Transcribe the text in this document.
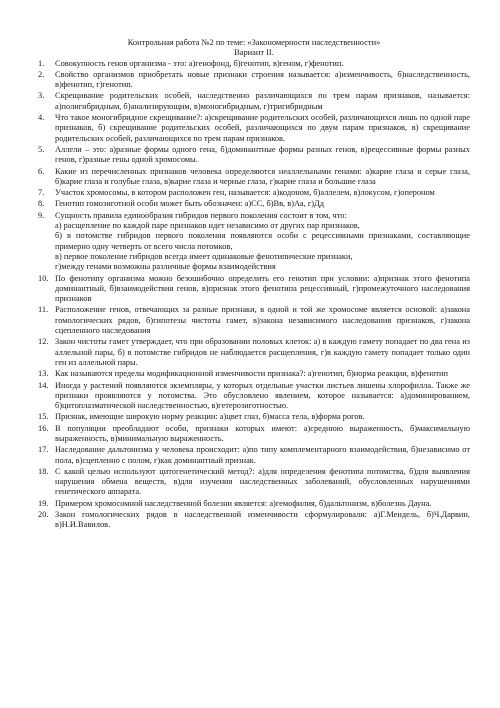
Контрольная работа №2 по теме: «Закономерности наследственности»
Вариант II.
1.	Совокупность генов организма - это: а)генофонд, б)генотип, в)геном, г)фенотип.
2.	Свойство организмов приобретать новые признаки строения называется: а)изменчивость, б)наследственность, в)фенотип, г)генотип.
3.	Скрещивание родительских особей, наследственно различающихся по трем парам признаков, называется: а)полигибридным, б)анализирующим, в)моногибридным, г)тригибридным
4.	Что такое моногибридное скрещивание?: а)скрещивание родительских особей, различающихся лишь по одной паре признаков, б) скрещивание родительских особей, различающихся по двум парам признаков, в) скрещивание родительских особей, различающихся по трем парам признаков.
5.	Аллели – это: а)разные формы одного гена, б)доминантные формы разных генов, в)рецессивные формы разных генов, г)разные гены одной хромосомы.
6.	Какие из перечисленных признаков человека определяются неаллельными генами: а)карие глаза и серые глаза, б)карие глаза и голубые глаза, в)карие глаза и черные глаза, г)карие глаза и большие глаза
7.	Участок хромосомы, в котором расположен ген, называется: а)кодоном, б)аллелем, в)локусом, г)опероном
8.	Генотип гомозиготной особи может быть обозначен: а)СС, б)Вв, в)Аа, г)Дд
9.	Сущность правила единообразия гибридов первого поколения состоит в том, что:
а) расщепление по каждой паре признаков идет независимо от других пар признаков,
б) в потомстве гибридов первого поколения появляются особи с рецессивными признаками, составляющие примерно одну четверть от всего числа потомков,
в) первое поколение гибридов всегда имеет одинаковые фенотипические признаки,
г)между генами возможны различные формы взаимодействия
10. По фенотипу организма можно безошибочно определить его генотип при условии: а)признак этого фенотипа доминантный, б)взаимодействия генов, в)признак этого фенотипа рецессивный, г)промежуточного наследования признаков
11. Расположение генов, отвечающих за разные признаки, в одной и той же хромосоме является основой: а)закона гомологических рядов, б)гипотезы чистоты гамет, в)закона независимого наследования признаков, г)закона сцепленного наследования
12. Закон чистоты гамет утверждает, что при образовании половых клеток: а) в каждую гамету попадает по два гена из аллельной пары, б) в потомстве гибридов не наблюдается расщепления, г)в каждую гамету попадает только один ген из аллельной пары.
13. Как называются пределы модификационной изменчивости признака?: а)генотип, б)норма реакции, в)фенотип
14. Иногда у растений появляются экземпляры, у которых отдельные участки листьев лишены хлорофилла. Также же признаки проявляются у потомства. Это обусловлено явлением, которое называется: а)доминированием, б)цитоплазматической наследственностью, в)гетерозиготностью.
15. Признак, имеющие широкую норму реакции: а)цвет глаз, б)масса тела, в)форма рогов.
16. В популяции преобладают особи, признаки которых имеют: а)среднюю выраженность, б)максимальную выраженность, в)минимальную выраженность.
17. Наследование дальтонизма у человека происходит: а)по типу комплементарного взаимодействия, б)независимо от пола, в)сцепленно с полом, г)как доминантный признак.
18. С какой целью используют цитогенетический метод?: а)для определения фенотипа потомства, б)для выявления нарушения обмена веществ, в)для изучения наследственных заболеваний, обусловленных нарушениями генетического аппарата.
19. Примером хромосомной наследственной болезни является: а)гемофилия, б)дальтонизм, в)болезнь Дауна.
20. Закон гомологических рядов в наследственной изменчивости сформулировали: а)Г.Мендель, б)Ч.Дарвин, в)Н.И.Вавилов.
